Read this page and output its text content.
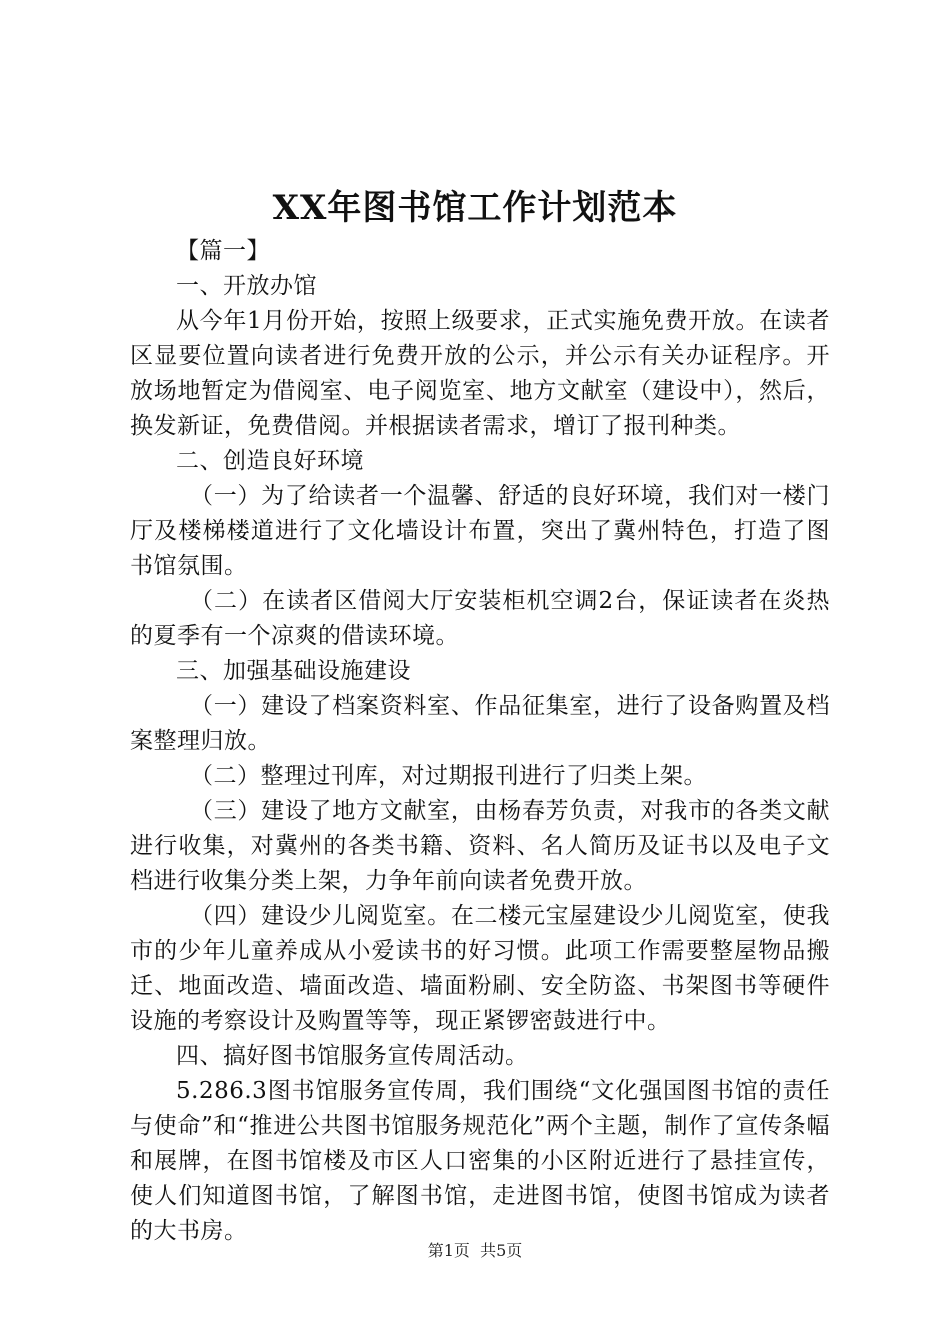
XX年图书馆工作计划范本

【篇一】

一、开放办馆

从今年1月份开始，按照上级要求，正式实施免费开放。在读者区显要位置向读者进行免费开放的公示，并公示有关办证程序。开放场地暂定为借阅室、电子阅览室、地方文献室（建设中），然后，换发新证，免费借阅。并根据读者需求，增订了报刊种类。

二、创造良好环境

（一）为了给读者一个温馨、舒适的良好环境，我们对一楼门厅及楼梯楼道进行了文化墙设计布置，突出了冀州特色，打造了图书馆氛围。

（二）在读者区借阅大厅安装柜机空调2台，保证读者在炎热的夏季有一个凉爽的借读环境。

三、加强基础设施建设

（一）建设了档案资料室、作品征集室，进行了设备购置及档案整理归放。

（二）整理过刊库，对过期报刊进行了归类上架。

（三）建设了地方文献室，由杨春芳负责，对我市的各类文献进行收集，对冀州的各类书籍、资料、名人简历及证书以及电子文档进行收集分类上架，力争年前向读者免费开放。

（四）建设少儿阅览室。在二楼元宝屋建设少儿阅览室，使我市的少年儿童养成从小爱读书的好习惯。此项工作需要整屋物品搬迁、地面改造、墙面改造、墙面粉刷、安全防盗、书架图书等硬件设施的考察设计及购置等等，现正紧锣密鼓进行中。

四、搞好图书馆服务宣传周活动。

5.286.3图书馆服务宣传周，我们围绕“文化强国图书馆的责任与使命”和“推进公共图书馆服务规范化”两个主题，制作了宣传条幅和展牌，在图书馆楼及市区人口密集的小区附近进行了悬挂宣传，使人们知道图书馆，了解图书馆，走进图书馆，使图书馆成为读者的大书房。

第1页  共5页
